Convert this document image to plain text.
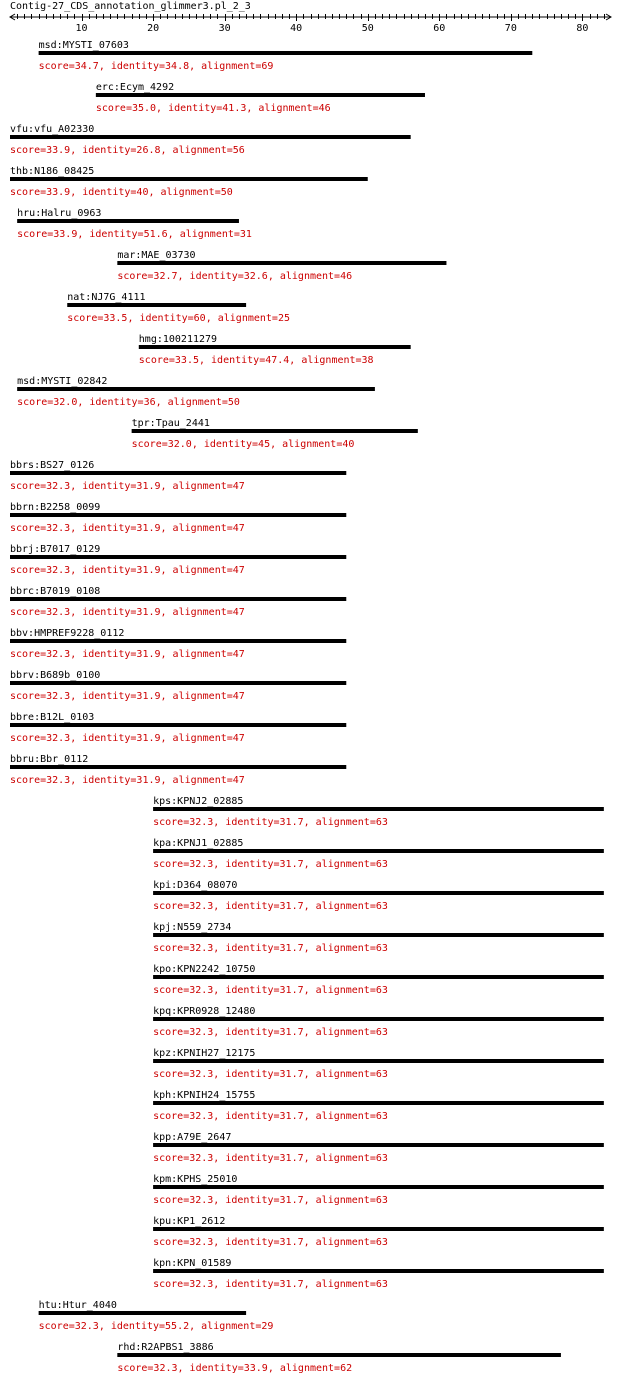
Contig-27_CDS_annotation_glimmer3.pl_2_3
10	20	30	40	50	60	70	80
msd:MYSTI_07603
score=34.7, identity=34.8, alignment=69
erc:Ecym_4292
score=35.0, identity=41.3, alignment=46
vfu:vfu_A02330
score=33.9, identity=26.8, alignment=56
thb:N186_08425
score=33.9, identity=40, alignment=50
hru:Halru_0963
score=33.9, identity=51.6, alignment=31
mar:MAE_03730
score=32.7, identity=32.6, alignment=46
nat:NJ7G_4111
score=33.5, identity=60, alignment=25
hmg:100211279
score=33.5, identity=47.4, alignment=38
msd:MYSTI_02842
score=32.0, identity=36, alignment=50
tpr:Tpau_2441
score=32.0, identity=45, alignment=40
bbrs:BS27_0126
score=32.3, identity=31.9, alignment=47
bbrn:B2258_0099
score=32.3, identity=31.9, alignment=47
bbrj:B7017_0129
score=32.3, identity=31.9, alignment=47
bbrc:B7019_0108
score=32.3, identity=31.9, alignment=47
bbv:HMPREF9228_0112
score=32.3, identity=31.9, alignment=47
bbrv:B689b_0100
score=32.3, identity=31.9, alignment=47
bbre:B12L_0103
score=32.3, identity=31.9, alignment=47
bbru:Bbr_0112
score=32.3, identity=31.9, alignment=47
kps:KPNJ2_02885
score=32.3, identity=31.7, alignment=63
kpa:KPNJ1_02885
score=32.3, identity=31.7, alignment=63
kpi:D364_08070
score=32.3, identity=31.7, alignment=63
kpj:N559_2734
score=32.3, identity=31.7, alignment=63
kpo:KPN2242_10750
score=32.3, identity=31.7, alignment=63
kpq:KPR0928_12480
score=32.3, identity=31.7, alignment=63
kpz:KPNIH27_12175
score=32.3, identity=31.7, alignment=63
kph:KPNIH24_15755
score=32.3, identity=31.7, alignment=63
kpp:A79E_2647
score=32.3, identity=31.7, alignment=63
kpm:KPHS_25010
score=32.3, identity=31.7, alignment=63
kpu:KP1_2612
score=32.3, identity=31.7, alignment=63
kpn:KPN_01589
score=32.3, identity=31.7, alignment=63
htu:Htur_4040
score=32.3, identity=55.2, alignment=29
rhd:R2APBS1_3886
score=32.3, identity=33.9, alignment=62
